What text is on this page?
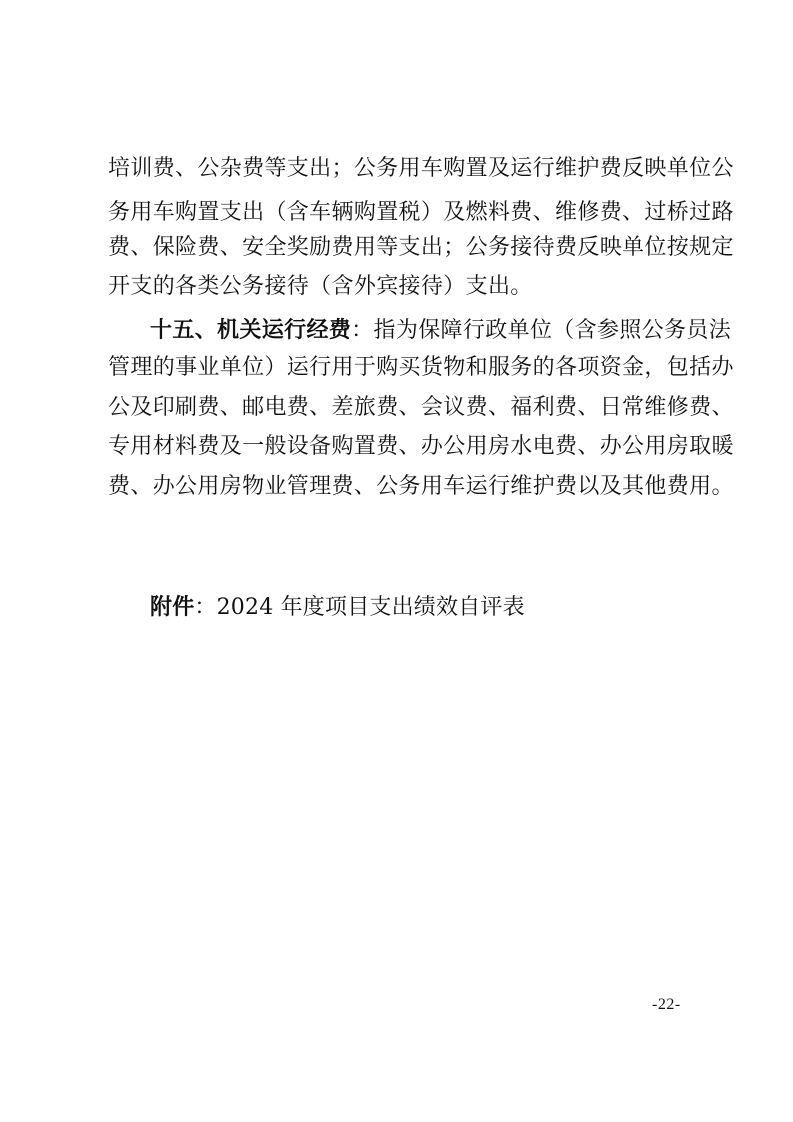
培训费、公杂费等支出；公务用车购置及运行维护费反映单位公
务用车购置支出（含车辆购置税）及燃料费、维修费、过桥过路
费、保险费、安全奖励费用等支出；公务接待费反映单位按规定
开支的各类公务接待（含外宾接待）支出。
十五、机关运行经费：指为保障行政单位（含参照公务员法
管理的事业单位）运行用于购买货物和服务的各项资金，包括办
公及印刷费、邮电费、差旅费、会议费、福利费、日常维修费、
专用材料费及一般设备购置费、办公用房水电费、办公用房取暖
费、办公用房物业管理费、公务用车运行维护费以及其他费用。
附件：2024 年度项目支出绩效自评表
-22-
